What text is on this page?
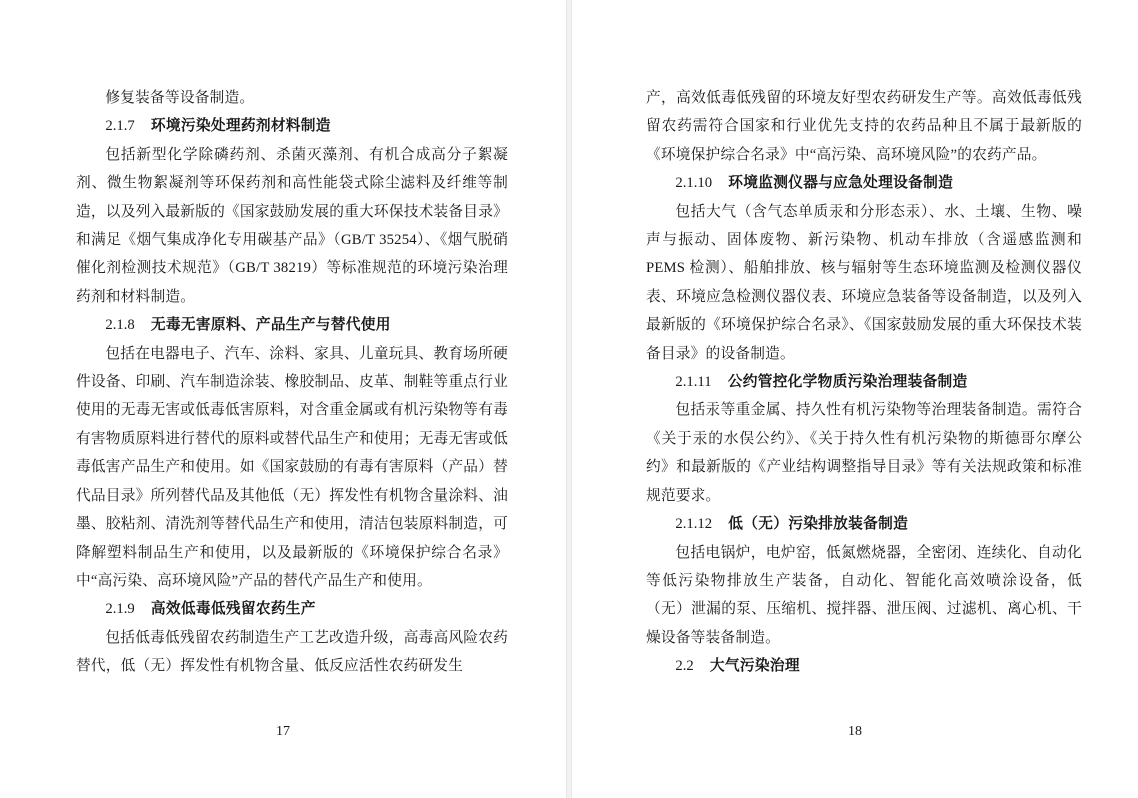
修复装备等设备制造。

2.1.7 环境污染处理药剂材料制造

包括新型化学除磷药剂、杀菌灭藻剂、有机合成高分子絮凝剂、微生物絮凝剂等环保药剂和高性能袋式除尘滤料及纤维等制造，以及列入最新版的《国家鼓励发展的重大环保技术装备目录》和满足《烟气集成净化专用碳基产品》（GB/T 35254）、《烟气脱硝催化剂检测技术规范》（GB/T 38219）等标准规范的环境污染治理药剂和材料制造。

2.1.8 无毒无害原料、产品生产与替代使用

包括在电器电子、汽车、涂料、家具、儿童玩具、教育场所硬件设备、印刷、汽车制造涂装、橡胶制品、皮革、制鞋等重点行业使用的无毒无害或低毒低害原料，对含重金属或有机污染物等有毒有害物质原料进行替代的原料或替代品生产和使用；无毒无害或低毒低害产品生产和使用。如《国家鼓励的有毒有害原料（产品）替代品目录》所列替代品及其他低（无）挥发性有机物含量涂料、油墨、胶粘剂、清洗剂等替代品生产和使用，清洁包装原料制造，可降解塑料制品生产和使用，以及最新版的《环境保护综合名录》中“高污染、高环境风险”产品的替代产品生产和使用。

2.1.9 高效低毒低残留农药生产

包括低毒低残留农药制造生产工艺改造升级，高毒高风险农药替代，低（无）挥发性有机物含量、低反应活性农药研发生

17

产，高效低毒低残留的环境友好型农药研发生产等。高效低毒低残留农药需符合国家和行业优先支持的农药品种且不属于最新版的《环境保护综合名录》中“高污染、高环境风险”的农药产品。

2.1.10 环境监测仪器与应急处理设备制造

包括大气（含气态单质汞和分形态汞）、水、土壤、生物、噪声与振动、固体废物、新污染物、机动车排放（含遥感监测和 PEMS 检测）、船舶排放、核与辐射等生态环境监测及检测仪器仪表、环境应急检测仪器仪表、环境应急装备等设备制造，以及列入最新版的《环境保护综合名录》、《国家鼓励发展的重大环保技术装备目录》的设备制造。

2.1.11 公约管控化学物质污染治理装备制造

包括汞等重金属、持久性有机污染物等治理装备制造。需符合《关于汞的水俣公约》、《关于持久性有机污染物的斯德哥尔摩公约》和最新版的《产业结构调整指导目录》等有关法规政策和标准规范要求。

2.1.12 低（无）污染排放装备制造

包括电锅炉，电炉窑，低氮燃烧器，全密闭、连续化、自动化等低污染物排放生产装备，自动化、智能化高效喷涂设备，低（无）泄漏的泵、压缩机、搅拌器、泄压阀、过滤机、离心机、干燥设备等装备制造。

2.2 大气污染治理

18
